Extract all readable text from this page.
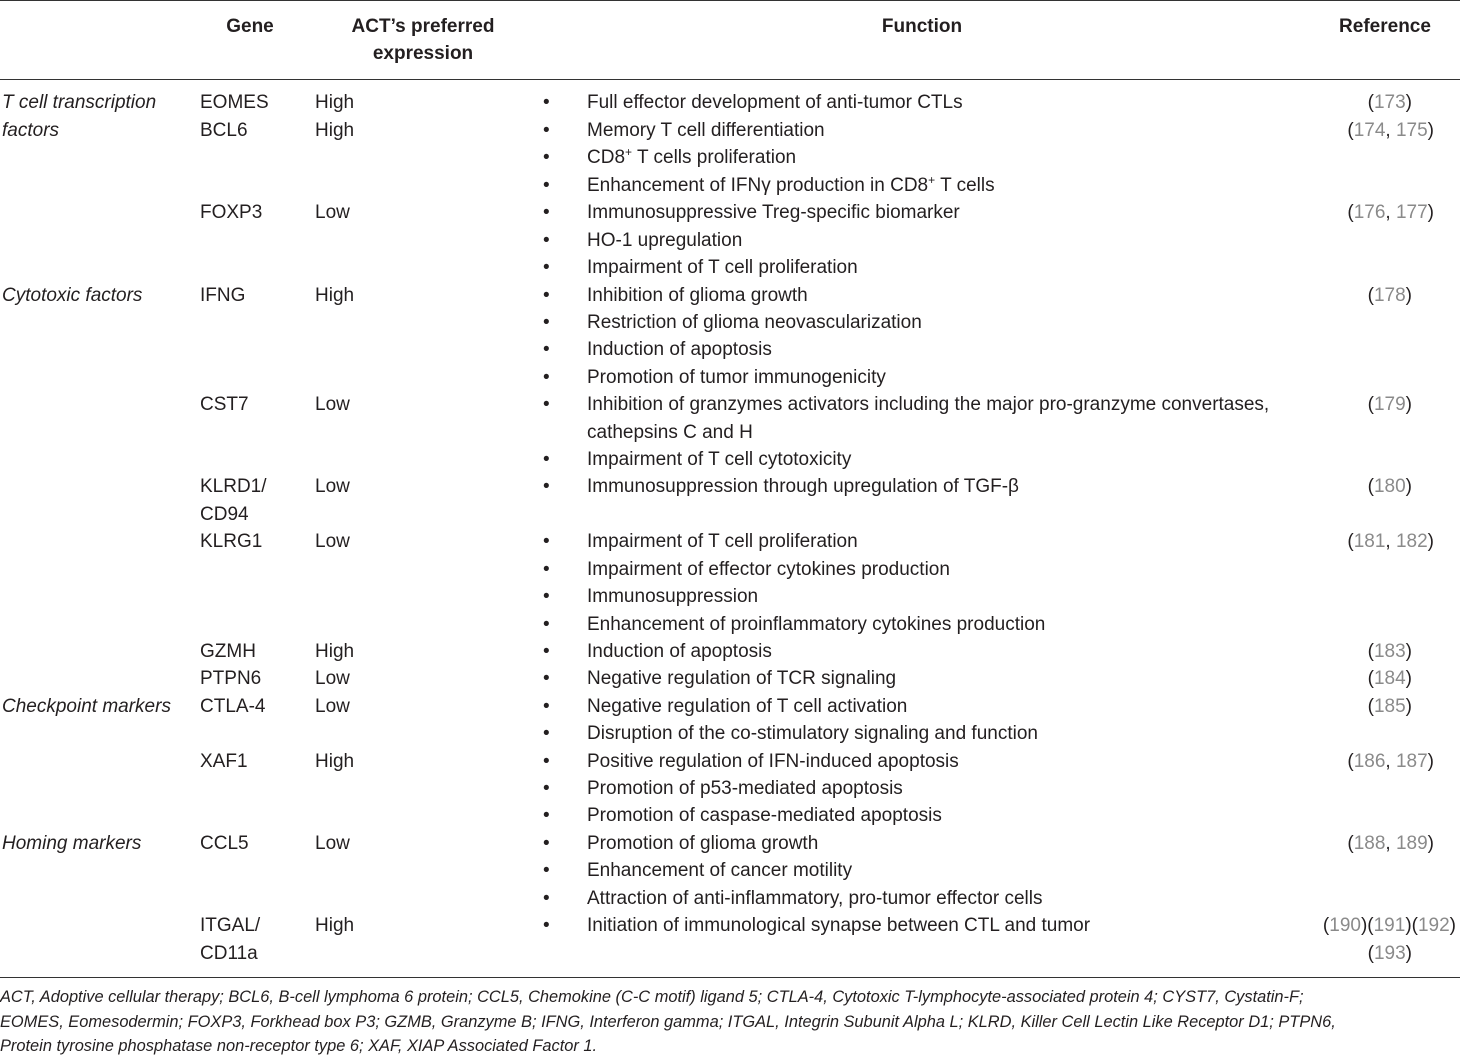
Gene	ACT’s preferred
expression
Function	Reference
T cell transcription
factors
Cytotoxic factors
Checkpoint markers
Homing markers
EOMES
BCL6
FOXP3
IFNG
CST7
KLRD1/
CD94
KLRG1
GZMH
PTPN6
CTLA-4
XAF1
CCL5
ITGAL/
CD11a
High
High
Low
High
Low
Low
Low
High
Low
Low
High
Low
High
•
•
•
•
•
•
•
•
•
•
•
•
•
•
•
•
•
•
•
•
•
•
•
•
•
•
•
•
•
Full effector development of anti-tumor CTLs
Memory T cell differentiation
CD8+ T cells proliferation
Enhancement of IFNγ production in CD8+ T cells
Immunosuppressive Treg-specific biomarker
HO-1 upregulation
Impairment of T cell proliferation
Inhibition of glioma growth
Restriction of glioma neovascularization
Induction of apoptosis
Promotion of tumor immunogenicity
Inhibition of granzymes activators including the major pro-granzyme convertases,
cathepsins C and H
Impairment of T cell cytotoxicity
Immunosuppression through upregulation of TGF-β
Impairment of T cell proliferation
Impairment of effector cytokines production
Immunosuppression
Enhancement of proinflammatory cytokines production
Induction of apoptosis
Negative regulation of TCR signaling
Negative regulation of T cell activation
Disruption of the co-stimulatory signaling and function
Positive regulation of IFN-induced apoptosis
Promotion of p53-mediated apoptosis
Promotion of caspase-mediated apoptosis
Promotion of glioma growth
Enhancement of cancer motility
Attraction of anti-inflammatory, pro-tumor effector cells
Initiation of immunological synapse between CTL and tumor
(173)
(174, 175)
(176, 177)
(178)
(179)
(180)
(181, 182)
(183)
(184)
(185)
(186, 187)
(188, 189)
(190)(191)(192)
(193)
ACT, Adoptive cellular therapy; BCL6, B-cell lymphoma 6 protein; CCL5, Chemokine (C-C motif) ligand 5; CTLA-4, Cytotoxic T-lymphocyte-associated protein 4; CYST7, Cystatin-F;
EOMES, Eomesodermin; FOXP3, Forkhead box P3; GZMB, Granzyme B; IFNG, Interferon gamma; ITGAL, Integrin Subunit Alpha L; KLRD, Killer Cell Lectin Like Receptor D1; PTPN6,
Protein tyrosine phosphatase non-receptor type 6; XAF, XIAP Associated Factor 1.
